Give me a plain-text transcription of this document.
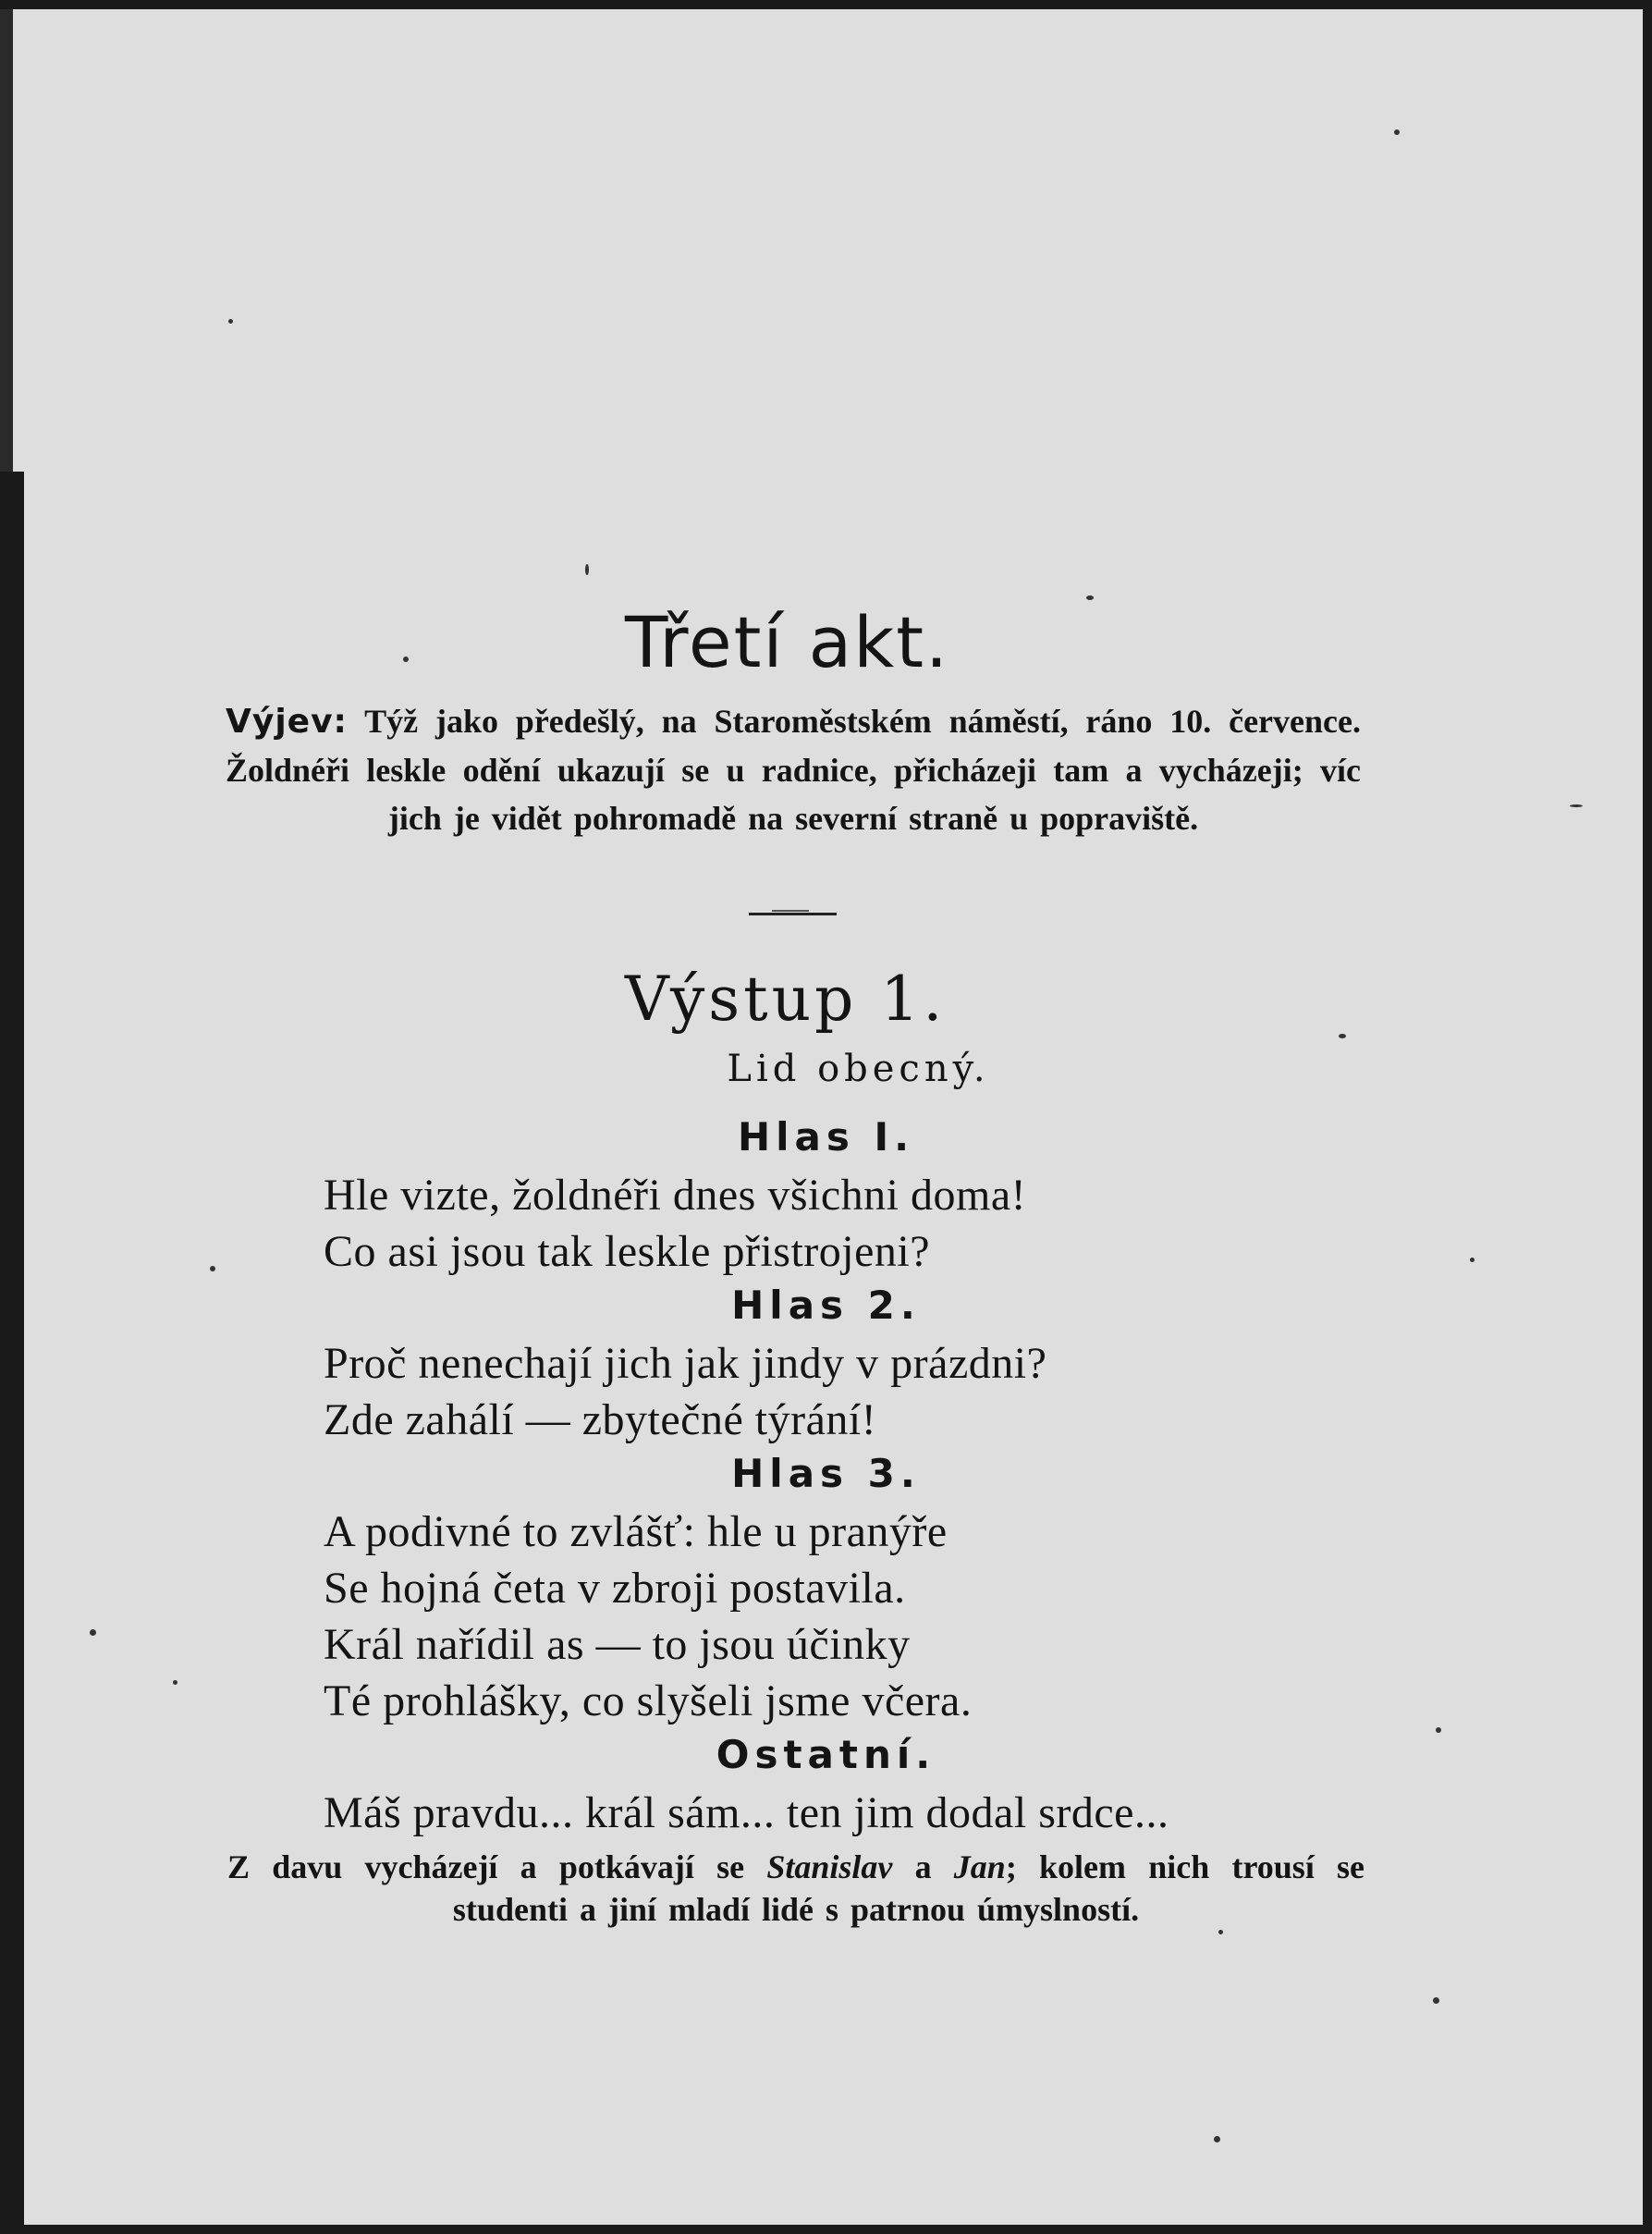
Třetí akt.
Výjev: Týž jako předešlý, na Staroměstském náměstí, ráno 10. července. Žoldnéři leskle odění ukazují se u radnice, přicházeji tam a vycházeji; víc jich je vidět pohromadě na severní straně u popraviště.
Výstup 1.
Lid obecný.
Hlas I.
Hle vizte, žoldnéři dnes všichni doma!
Co asi jsou tak leskle přistrojeni?
Hlas 2.
Proč nenechají jich jak jindy v prázdni?
Zde zahálí — zbytečné týrání!
Hlas 3.
A podivné to zvlášť: hle u pranýře
Se hojná četa v zbroji postavila.
Král nařídil as — to jsou účinky
Té prohlášky, co slyšeli jsme včera.
Ostatní.
Máš pravdu... král sám... ten jim dodal srdce...
Z davu vycházejí a potkávají se Stanislav a Jan; kolem nich trousí se studenti a jiní mladí lidé s patrnou úmyslností.
